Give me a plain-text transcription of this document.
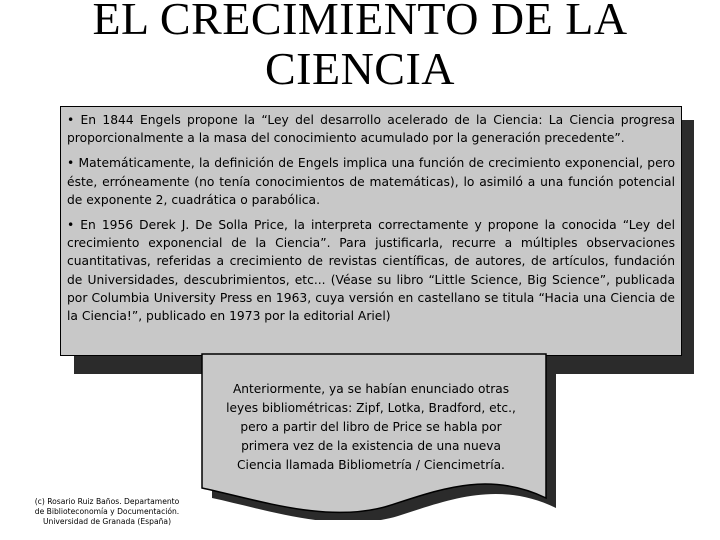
EL CRECIMIENTO DE LA
CIENCIA

• En 1844 Engels propone la “Ley del desarrollo acelerado de la Ciencia: La Ciencia progresa proporcionalmente a la masa del conocimiento acumulado por la generación precedente”.

• Matemáticamente, la definición de Engels implica una función de crecimiento exponencial, pero éste, erróneamente (no tenía conocimientos de matemáticas), lo asimiló a una función potencial de exponente 2, cuadrática o parabólica.

• En 1956 Derek J. De Solla Price, la interpreta correctamente y propone la conocida “Ley del crecimiento exponencial de la Ciencia”. Para justificarla, recurre a múltiples observaciones cuantitativas, referidas a crecimiento de revistas científicas, de autores, de artículos, fundación de Universidades, descubrimientos, etc... (Véase su libro “Little Science, Big Science”, publicada por Columbia University Press en 1963, cuya versión en castellano se titula “Hacia una Ciencia de la Ciencia!”, publicado en 1973 por la editorial Ariel)

Anteriormente, ya se habían enunciado otras leyes bibliométricas: Zipf, Lotka, Bradford, etc., pero a partir del libro de Price se habla por primera vez de la existencia de una nueva Ciencia llamada Bibliometría / Ciencimetría.
(c) Rosario Ruiz Baños. Departamento
de Biblioteconomía y Documentación.
Universidad de Granada (España)
